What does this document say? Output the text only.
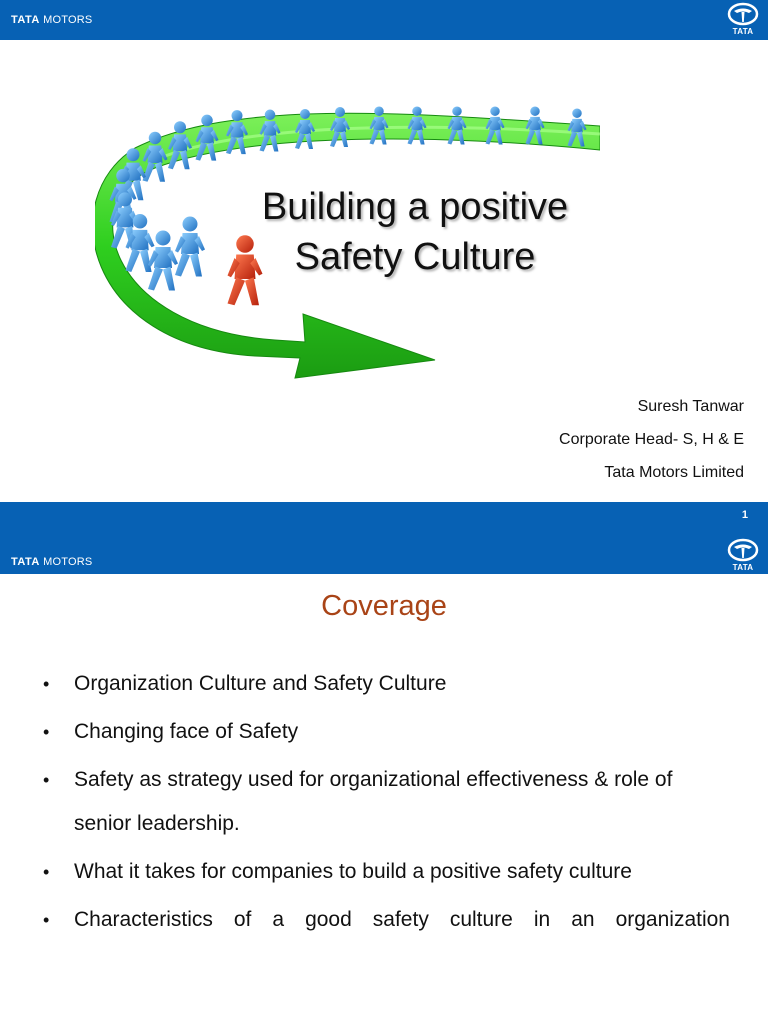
TATA MOTORS
TATA
Building a positive
Safety Culture
Suresh Tanwar
Corporate Head- S, H & E
Tata Motors Limited
1
TATA MOTORS	TATA
Coverage
• Organization Culture and Safety Culture
• Changing face of Safety
• Safety as strategy used for organizational effectiveness & role of senior leadership.
• What it takes for companies to build a positive safety culture
• Characteristics of a good safety culture in an organization
